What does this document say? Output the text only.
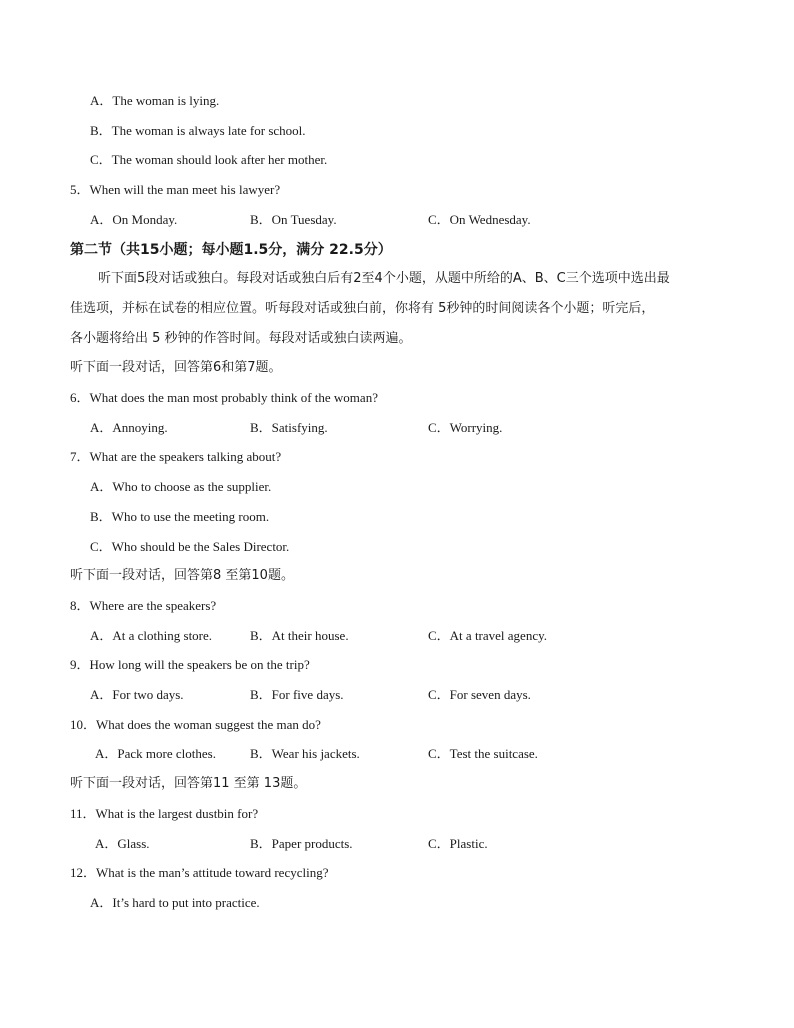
A．The woman is lying.
B．The woman is always late for school.
C．The woman should look after her mother.
5．When will the man meet his lawyer?
A．On Monday.	B．On Tuesday.	C．On Wednesday.
第二节（共15小题；每小题1.5分，满分 22.5分）
听下面5段对话或独白。每段对话或独白后有2至4个小题，从题中所给的A、B、C三个选项中选出最
佳选项，并标在试卷的相应位置。听每段对话或独白前，你将有 5秒钟的时间阅读各个小题；听完后，
各小题将给出 5 秒钟的作答时间。每段对话或独白读两遍。
听下面一段对话，回答第6和第7题。
6．What does the man most probably think of the woman?
A．Annoying.	B．Satisfying.	C．Worrying.
7．What are the speakers talking about?
A．Who to choose as the supplier.
B．Who to use the meeting room.
C．Who should be the Sales Director.
听下面一段对话，回答第8 至第10题。
8．Where are the speakers?
A．At a clothing store.	B．At their house.	C．At a travel agency.
9．How long will the speakers be on the trip?
A．For two days.	B．For five days.	C．For seven days.
10．What does the woman suggest the man do?
A．Pack more clothes.	B．Wear his jackets.	C．Test the suitcase.
听下面一段对话，回答第11 至第 13题。
11．What is the largest dustbin for?
A．Glass.	B．Paper products.	C．Plastic.
12．What is the man’s attitude toward recycling?
A．It’s hard to put into practice.
